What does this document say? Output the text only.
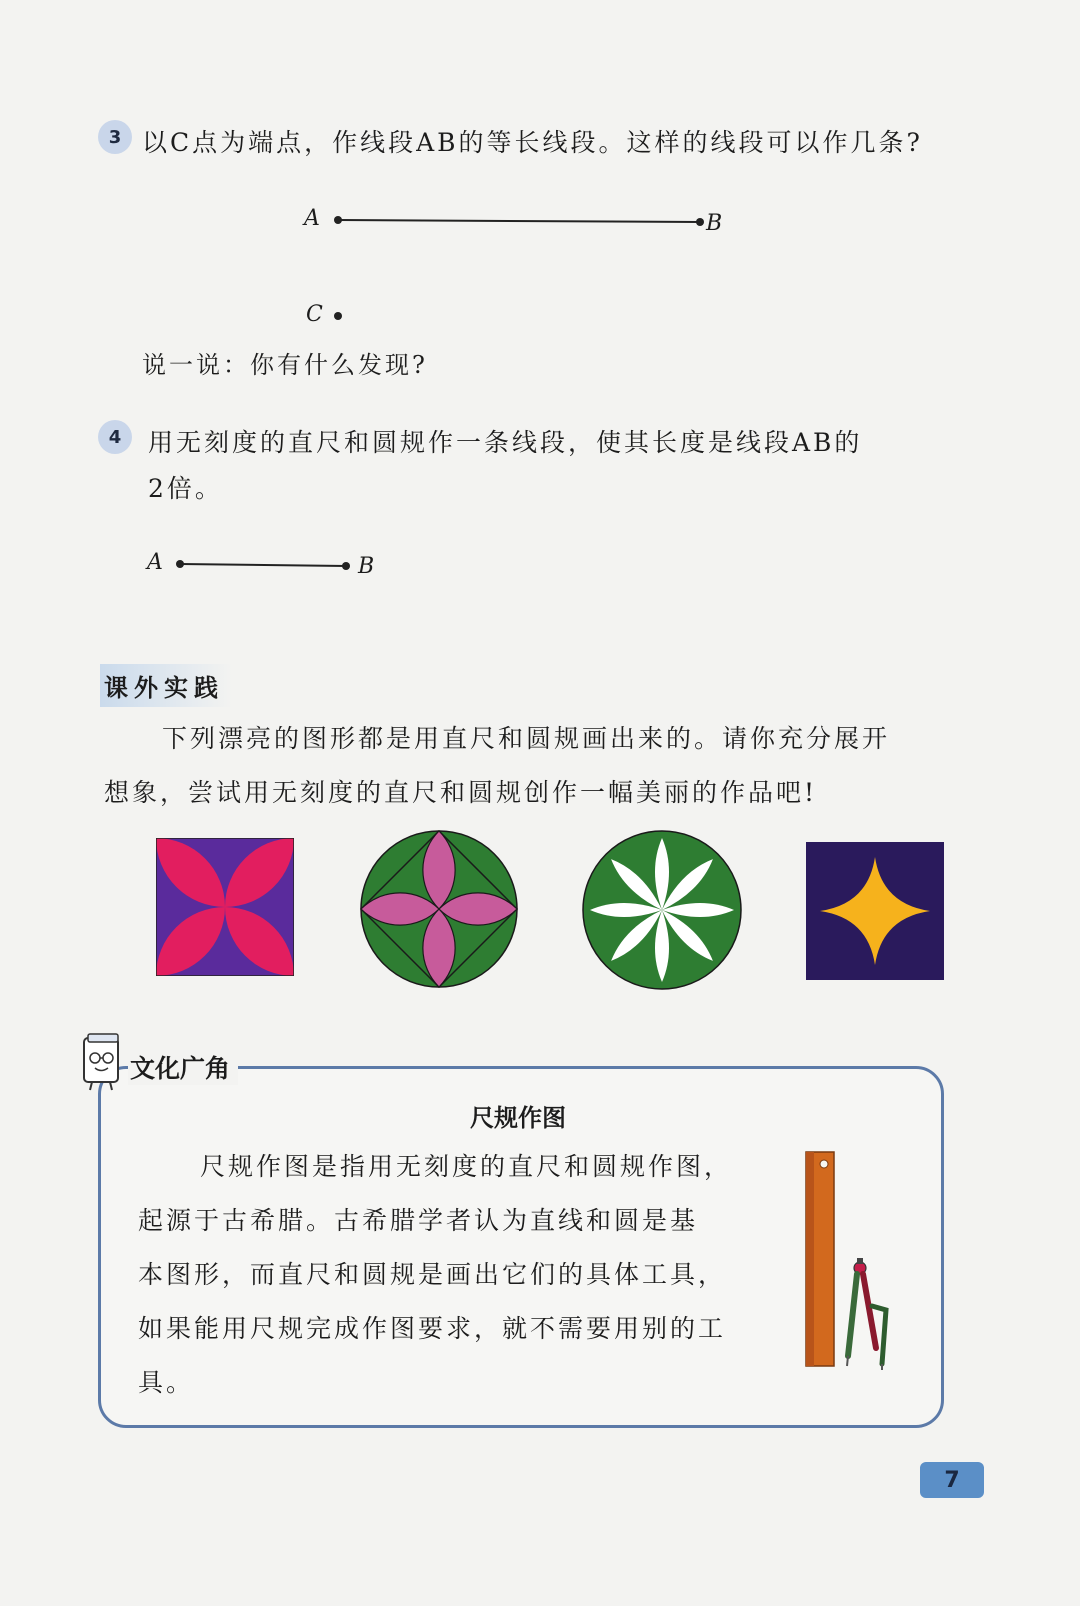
3 以C点为端点，作线段AB的等长线段。这样的线段可以作几条?
A	B
C
说一说：你有什么发现?
4	用无刻度的直尺和圆规作一条线段，使其长度是线段AB的
2倍。
A	B
课外实践
下列漂亮的图形都是用直尺和圆规画出来的。请你充分展开
想象，尝试用无刻度的直尺和圆规创作一幅美丽的作品吧!
文化广角
尺规作图
尺规作图是指用无刻度的直尺和圆规作图，
起源于古希腊。古希腊学者认为直线和圆是基
本图形，而直尺和圆规是画出它们的具体工具，
如果能用尺规完成作图要求，就不需要用别的工
具。
7
